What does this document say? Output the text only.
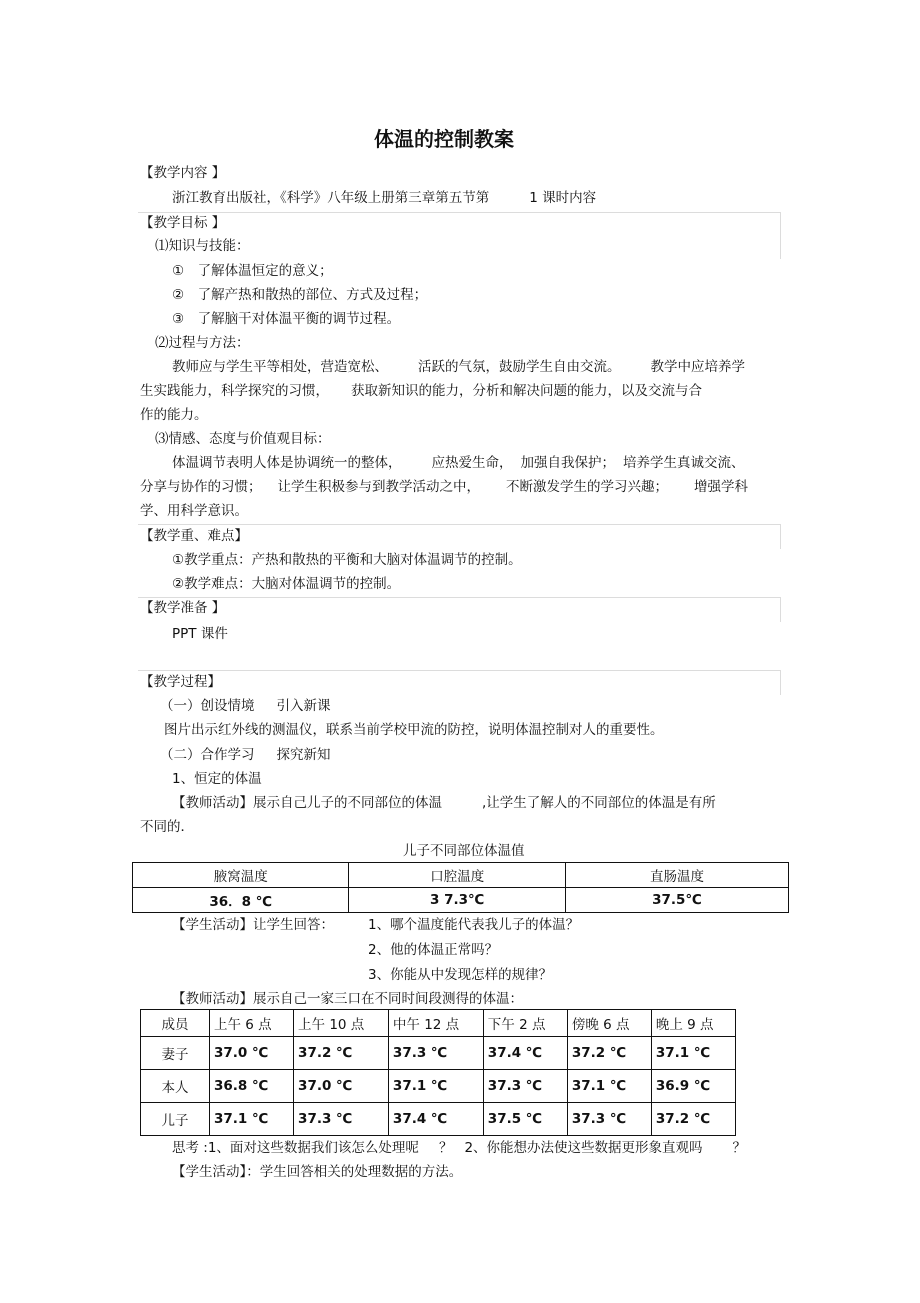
体温的控制教案
【教学内容 】
浙江教育出版社，《科学》八年级上册第三章第五节第	1 课时内容
【教学目标 】
⑴知识与技能：
①　了解体温恒定的意义；
②　了解产热和散热的部位、方式及过程；
③　了解脑干对体温平衡的调节过程。
⑵过程与方法：
教师应与学生平等相处，营造宽松、 活跃的气氛，鼓励学生自由交流。 教学中应培养学
生实践能力，科学探究的习惯， 获取新知识的能力，分析和解决问题的能力，以及交流与合
作的能力。
⑶情感、态度与价值观目标：
体温调节表明人体是协调统一的整体， 应热爱生命， 加强自我保护； 培养学生真诚交流、
分享与协作的习惯； 让学生积极参与到教学活动之中， 不断激发学生的学习兴趣； 增强学科
学、用科学意识。
【教学重、难点】
①教学重点：产热和散热的平衡和大脑对体温调节的控制。
②教学难点：大脑对体温调节的控制。
【教学准备 】
PPT 课件
【教学过程】
（一）创设情境 引入新课
图片出示红外线的测温仪，联系当前学校甲流的防控，说明体温控制对人的重要性。
（二）合作学习 探究新知
1、恒定的体温
【教师活动】展示自己儿子的不同部位的体温	,让学生了解人的不同部位的体温是有所
不同的．
儿子不同部位体温值
腋窝温度	口腔温度	直肠温度
36．8 ℃	3 7.3℃	37.5℃
【学生活动】让学生回答：	1、哪个温度能代表我儿子的体温？
2、他的体温正常吗？
3、你能从中发现怎样的规律？
【教师活动】展示自己一家三口在不同时间段测得的体温：
成员	上午 6 点	上午 10 点	中午 12 点	下午 2 点	傍晚 6 点	晚上 9 点
妻子	37.0 ℃	37.2 ℃	37.3 ℃	37.4 ℃	37.2 ℃	37.1 ℃
本人	36.8 ℃	37.0 ℃	37.1 ℃	37.3 ℃	37.1 ℃	36.9 ℃
儿子	37.1 ℃	37.3 ℃	37.4 ℃	37.5 ℃	37.3 ℃	37.2 ℃
思考 :1、面对这些数据我们该怎么处理呢 ？ 2、你能想办法使这些数据更形象直观吗 ？
【学生活动】：学生回答相关的处理数据的方法。
